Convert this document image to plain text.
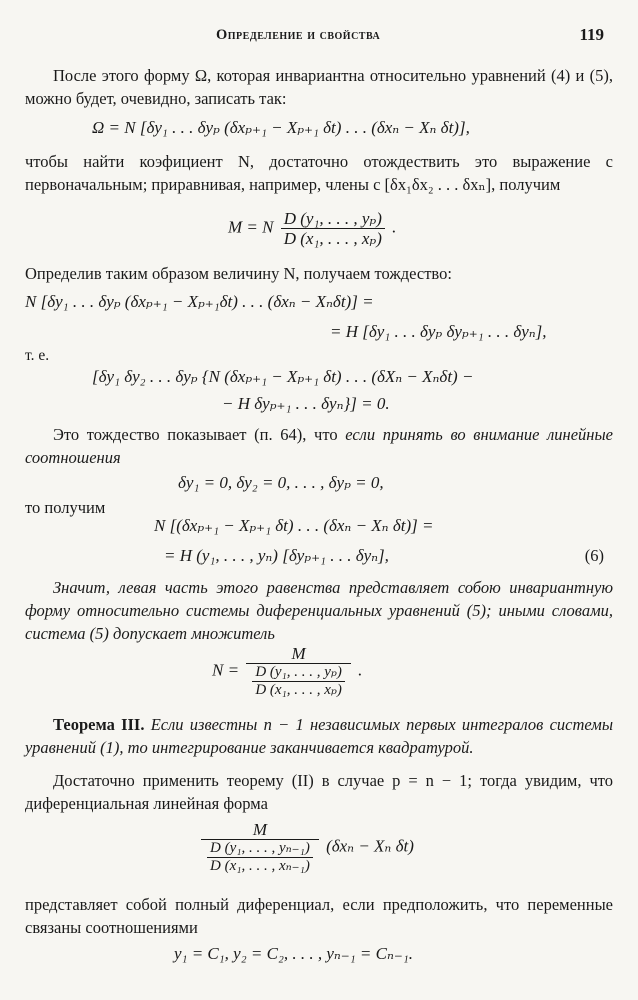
Определение и свойства	119
После этого форму Ω, которая инвариантна относительно уравнений (4) и (5), можно будет, очевидно, записать так:
Ω = N [δy₁ . . . δyₚ (δxₚ₊₁ − Xₚ₊₁ δt) . . . (δxₙ − Xₙ δt)],
чтобы найти коэфициент N, достаточно отождествить это выражение с первоначальным; приравнивая, например, члены с [δx₁δx₂ . . . δxₙ], получим
M = N $\frac{\text{D (y₁, . . . , yₚ)}}{\text{D (x₁, . . . , xₚ)}}$ .
Определив таким образом величину N, получаем тождество:
N [δy₁ . . . δyₚ (δxₚ₊₁ − Xₚ₊₁δt) . . . (δxₙ − Xₙδt)] =
= H [δy₁ . . . δyₚ δyₚ₊₁ . . . δyₙ],
т. е.
[δy₁ δy₂ . . . δyₚ {N (δxₚ₊₁ − Xₚ₊₁ δt) . . . (δXₙ − Xₙδt) −
− H δyₚ₊₁ . . . δyₙ}] = 0.
Это тождество показывает (п. 64), что если принять во внимание линейные соотношения
δy₁ = 0, δy₂ = 0, . . . , δyₚ = 0,
то получим
N [(δxₚ₊₁ − Xₚ₊₁ δt) . . . (δxₙ − Xₙ δt)] =
= H (y₁, . . . , yₙ) [δyₚ₊₁ . . . δyₙ],	(6)
Значит, левая часть этого равенства представляет собою инвариантную форму относительно системы диференциальных уравнений (5); иными словами, система (5) допускает множитель
$N = \frac{M}{\frac{\text{D (y₁, . . . , yₚ)}}{\text{D (x₁, . . . , xₚ)}}}$ .
Теорема III. Если известны n − 1 независимых первых интегралов системы уравнений (1), то интегрирование заканчивается квадратурой.
Достаточно применить теорему (II) в случае p = n − 1; тогда увидим, что диференциальная линейная форма
$\frac{M}{\frac{\text{D (y₁, . . . , yₙ₋₁)}}{\text{D (x₁, . . . , xₙ₋₁)}}} (\delta x_n - X_n$ δt)
представляет собой полный диференциал, если предположить, что переменные связаны соотношениями
y₁ = C₁, y₂ = C₂, . . . , yₙ₋₁ = Cₙ₋₁.
